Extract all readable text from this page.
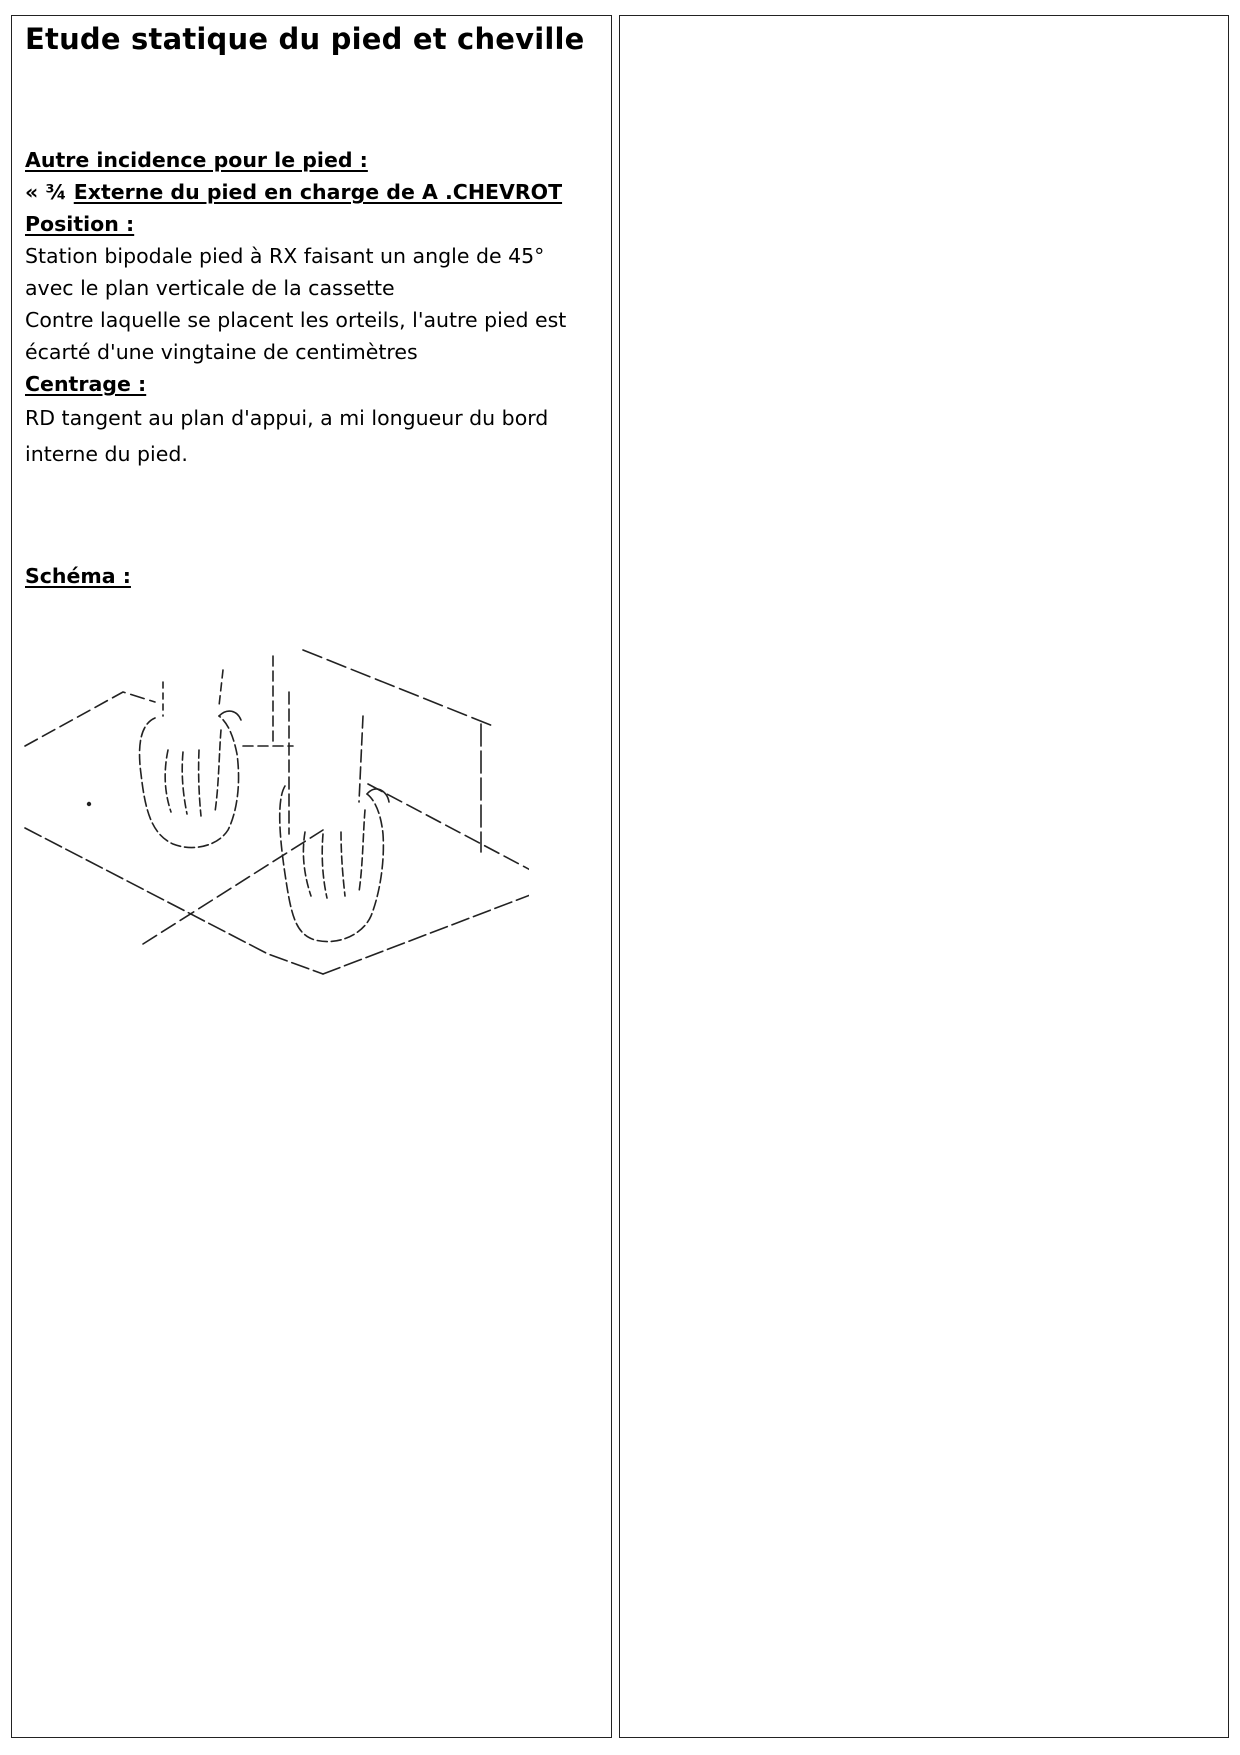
Etude statique du pied et cheville
Autre incidence pour le pied :
« ¾ Externe du pied en charge de A .CHEVROT
Position :
Station bipodale pied à RX faisant un angle de 45°
avec le plan verticale de la cassette
Contre laquelle se placent les orteils, l'autre pied est
écarté d'une vingtaine de centimètres
Centrage :
RD tangent au plan d'appui, a mi longueur du bord
interne du pied.
Schéma :
